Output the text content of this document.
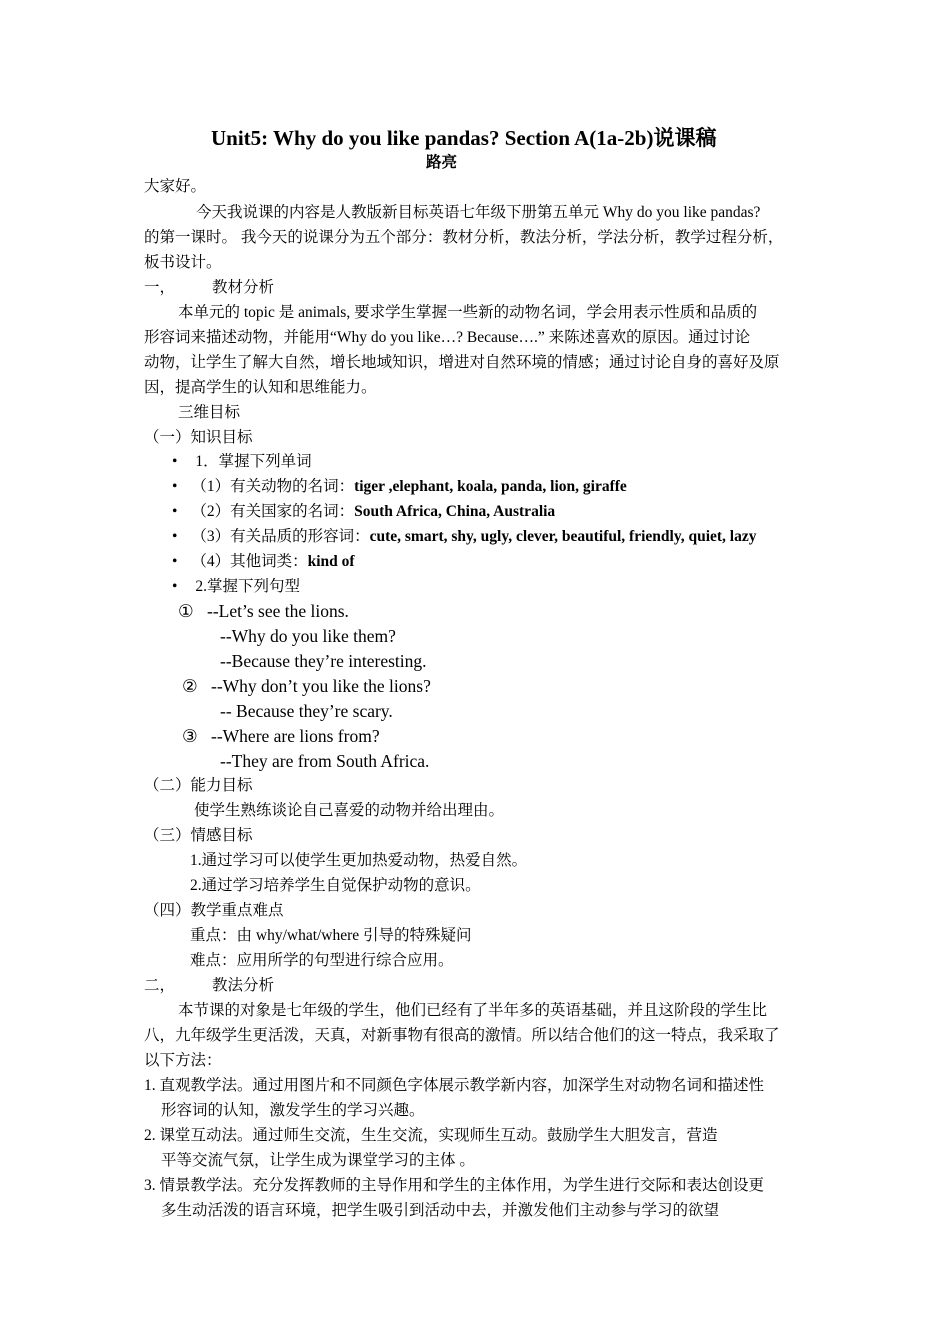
Unit5: Why do you like pandas? Section A(1a-2b)说课稿
路亮
大家好。
今天我说课的内容是人教版新目标英语七年级下册第五单元 Why do you like pandas?
的第一课时。 我今天的说课分为五个部分：教材分析，教法分析，学法分析，教学过程分析，
板书设计。
一， 教材分析
本单元的 topic 是 animals, 要求学生掌握一些新的动物名词，学会用表示性质和品质的
形容词来描述动物，并能用“Why do you like…? Because….” 来陈述喜欢的原因。通过讨论
动物，让学生了解大自然，增长地域知识，增进对自然环境的情感；通过讨论自身的喜好及原
因，提高学生的认知和思维能力。
三维目标
（一）知识目标
• 1．掌握下列单词
• （1）有关动物的名词：tiger ,elephant, koala, panda, lion, giraffe
• （2）有关国家的名词：South Africa, China, Australia
• （3）有关品质的形容词：cute, smart, shy, ugly, clever, beautiful, friendly, quiet, lazy
• （4）其他词类：kind of
• 2.掌握下列句型
① --Let’s see the lions.
--Why do you like them?
--Because they’re interesting.
② --Why don’t you like the lions?
-- Because they’re scary.
③ --Where are lions from?
--They are from South Africa.
（二）能力目标
使学生熟练谈论自己喜爱的动物并给出理由。
（三）情感目标
1.通过学习可以使学生更加热爱动物，热爱自然。
2.通过学习培养学生自觉保护动物的意识。
（四）教学重点难点
重点：由 why/what/where 引导的特殊疑问
难点：应用所学的句型进行综合应用。
二， 教法分析
本节课的对象是七年级的学生，他们已经有了半年多的英语基础，并且这阶段的学生比
八，九年级学生更活泼，天真，对新事物有很高的激情。所以结合他们的这一特点，我采取了
以下方法：
1. 直观教学法。通过用图片和不同颜色字体展示教学新内容，加深学生对动物名词和描述性
形容词的认知，激发学生的学习兴趣。
2. 课堂互动法。通过师生交流，生生交流，实现师生互动。鼓励学生大胆发言，营造
平等交流气氛，让学生成为课堂学习的主体 。
3. 情景教学法。充分发挥教师的主导作用和学生的主体作用，为学生进行交际和表达创设更
多生动活泼的语言环境，把学生吸引到活动中去，并激发他们主动参与学习的欲望
